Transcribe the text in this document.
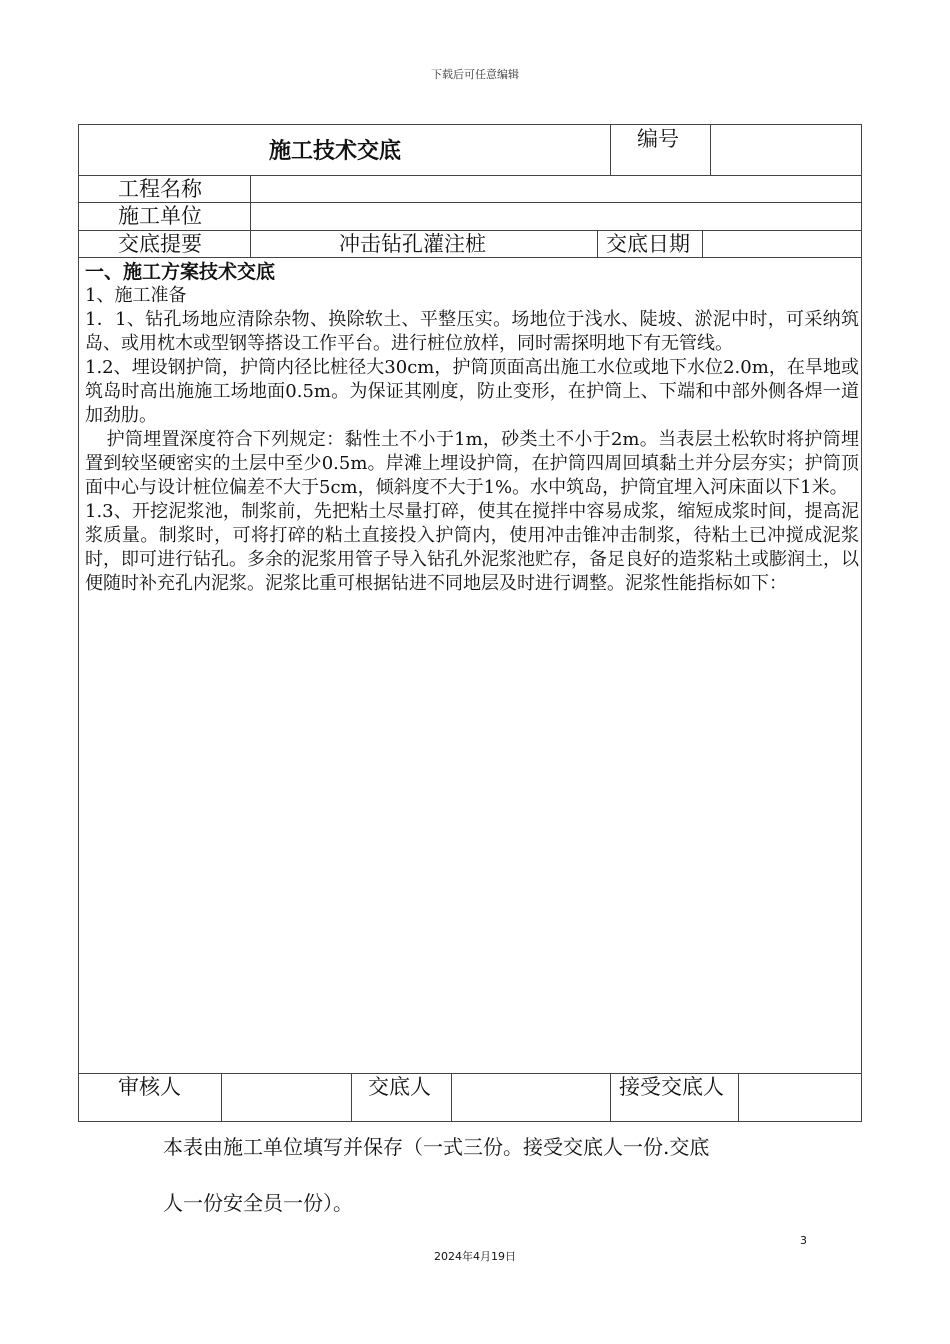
下载后可任意编辑
施工技术交底	编号
工程名称
施工单位
交底提要	冲击钻孔灌注桩	交底日期

一、施工方案技术交底

1、施工准备

1．1、钻孔场地应清除杂物、换除软土、平整压实。场地位于浅水、陡坡、淤泥中时，可采纳筑岛、或用枕木或型钢等搭设工作平台。进行桩位放样，同时需探明地下有无管线。

1.2、埋设钢护筒，护筒内径比桩径大30cm，护筒顶面高出施工水位或地下水位2.0m，在旱地或筑岛时高出施施工场地面0.5m。为保证其刚度，防止变形，在护筒上、下端和中部外侧各焊一道加劲肋。

护筒埋置深度符合下列规定：黏性土不小于1m，砂类土不小于2m。当表层土松软时将护筒埋置到较坚硬密实的土层中至少0.5m。岸滩上埋设护筒，在护筒四周回填黏土并分层夯实；护筒顶面中心与设计桩位偏差不大于5cm，倾斜度不大于1%。水中筑岛，护筒宜埋入河床面以下1米。

1.3、开挖泥浆池，制浆前，先把粘土尽量打碎，使其在搅拌中容易成浆，缩短成浆时间，提高泥浆质量。制浆时，可将打碎的粘土直接投入护筒内，使用冲击锥冲击制浆，待粘土已冲搅成泥浆时，即可进行钻孔。多余的泥浆用管子导入钻孔外泥浆池贮存，备足良好的造浆粘土或膨润土，以便随时补充孔内泥浆。泥浆比重可根据钻进不同地层及时进行调整。泥浆性能指标如下：

审核人	交底人	接受交底人
本表由施工单位填写并保存（一式三份。接受交底人一份.交底
人一份安全员一份）。
3
2024年4月19日
